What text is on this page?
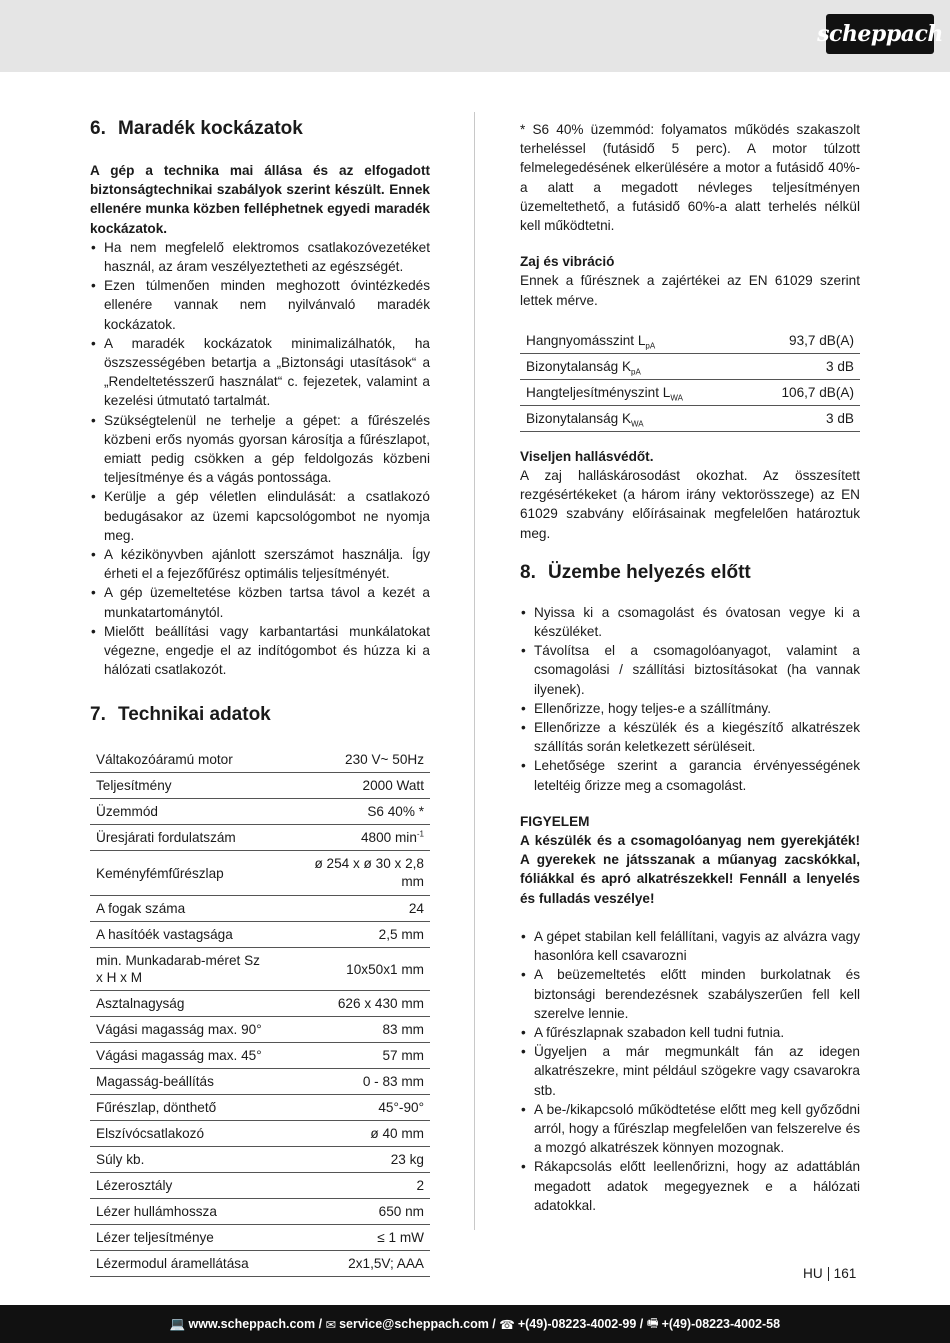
scheppach
6. Maradék kockázatok

A gép a technika mai állása és az elfogadott biztonságtechnikai szabályok szerint készült. Ennek ellenére munka közben felléphetnek egyedi maradék kockázatok.

• Ha nem megfelelő elektromos csatlakozóvezetéket használ, az áram veszélyeztetheti az egészségét.
• Ezen túlmenően minden meghozott óvintézkedés ellenére vannak nem nyilvánvaló maradék kockázatok.
• A maradék kockázatok minimalizálhatók, ha öszszességében betartja a „Biztonsági utasítások“ a „Rendeltetésszerű használat“ c. fejezetek, valamint a kezelési útmutató tartalmát.
• Szükségtelenül ne terhelje a gépet: a fűrészelés közbeni erős nyomás gyorsan károsítja a fűrészlapot, emiatt pedig csökken a gép feldolgozás közbeni teljesítménye és a vágás pontossága.
• Kerülje a gép véletlen elindulását: a csatlakozó bedugásakor az üzemi kapcsológombot ne nyomja meg.
• A kézikönyvben ajánlott szerszámot használja. Így érheti el a fejezőfűrész optimális teljesítményét.
• A gép üzemeltetése közben tartsa távol a kezét a munkatartománytól.
• Mielőtt beállítási vagy karbantartási munkálatokat végezne, engedje el az indítógombot és húzza ki a hálózati csatlakozót.
7. Technikai adatok
Váltakozóáramú motor	230 V~ 50Hz
Teljesítmény	2000 Watt
Üzemmód	S6 40% *
Üresjárati fordulatszám	4800 $\min^{-1}$
Keményfémfűrészlap	ø 254 x ø 30 x 2,8 mm
A fogak száma	24
A hasítóék vastagsága	2,5 mm
min. Munkadarab-méret Sz x H x M	10x50x1 mm
Asztalnagyság	626 x 430 mm
Vágási magasság max. 90°	83 mm
Vágási magasság max. 45°	57 mm
Magasság-beállítás	0 - 83 mm
Fűrészlap, dönthető	45°-90°
Elszívócsatlakozó	ø 40 mm
Súly kb.	23 kg
Lézerosztály	2
Lézer hullámhossza	650 nm
Lézer teljesítménye	≤ 1 mW
Lézermodul áramellátása	2x1,5V; AAA

* S6 40% üzemmód: folyamatos működés szakaszolt terheléssel (futásidő 5 perc). A motor túlzott felmelegedésének elkerülésére a motor a futásidő 40%-a alatt a megadott névleges teljesítményen üzemeltethető, a futásidő 60%-a alatt terhelés nélkül kell működtetni.

Zaj és vibráció

Ennek a fűrésznek a zajértékei az EN 61029 szerint lettek mérve.

Hangnyomásszint $L_{pA}$	93,7 dB(A)
Bizonytalanság $K_{pA}$	3 dB
Hangteljesítményszint $L_{WA}$	106,7 dB(A)
Bizonytalanság $K_{WA}$	3 dB

Viseljen hallásvédőt.

A zaj halláskárosodást okozhat. Az összesített rezgésértékeket (a három irány vektorösszege) az EN 61029 szabvány előírásainak megfelelően határoztuk meg.

8. Üzembe helyezés előtt
• Nyissa ki a csomagolást és óvatosan vegye ki a készüléket.
• Távolítsa el a csomagolóanyagot, valamint a csomagolási / szállítási biztosításokat (ha vannak ilyenek).
• Ellenőrizze, hogy teljes-e a szállítmány.
• Ellenőrizze a készülék és a kiegészítő alkatrészek szállítás során keletkezett sérüléseit.
• Lehetősége szerint a garancia érvényességének leteltéig őrizze meg a csomagolást.

FIGYELEM

A készülék és a csomagolóanyag nem gyerekjáték! A gyerekek ne játsszanak a műanyag zacskókkal, fóliákkal és apró alkatrészekkel! Fennáll a lenyelés és fulladás veszélye!

• A gépet stabilan kell felállítani, vagyis az alvázra vagy hasonlóra kell csavarozni
• A beüzemeltetés előtt minden burkolatnak és biztonsági berendezésnek szabályszerűen fell kell szerelve lennie.
• A fűrészlapnak szabadon kell tudni futnia.
• Ügyeljen a már megmunkált fán az idegen alkatrészekre, mint például szögekre vagy csavarokra stb.
• A be-/kikapcsoló működtetése előtt meg kell győződni arról, hogy a fűrészlap megfelelően van felszerelve és a mozgó alkatrészek könnyen mozognak.
• Rákapcsolás előtt leellenőrizni, hogy az adattáblán megadott adatok megegyeznek e a hálózati adatokkal.
HU 161
💻 www.scheppach.com / ✉ service@scheppach.com / ☎ +(49)-08223-4002-99 / 🖷 +(49)-08223-4002-58
